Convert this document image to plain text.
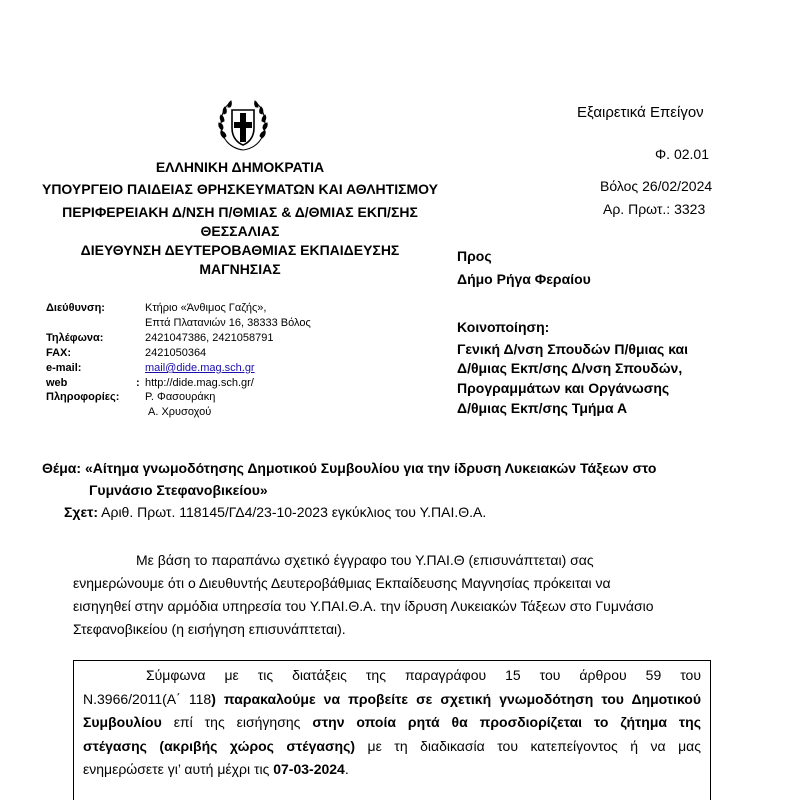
ΕΛΛΗΝΙΚΗ ΔΗΜΟΚΡΑΤΙΑ
ΥΠΟΥΡΓΕΙΟ ΠΑΙΔΕΙΑΣ ΘΡΗΣΚΕΥΜΑΤΩΝ ΚΑΙ ΑΘΛΗΤΙΣΜΟΥ
ΠΕΡΙΦΕΡΕΙΑΚΗ Δ/ΝΣΗ Π/ΘΜΙΑΣ & Δ/ΘΜΙΑΣ ΕΚΠ/ΣΗΣ
ΘΕΣΣΑΛΙΑΣ
ΔΙΕΥΘΥΝΣΗ ΔΕΥΤΕΡΟΒΑΘΜΙΑΣ ΕΚΠΑΙΔΕΥΣΗΣ
ΜΑΓΝΗΣΙΑΣ
Εξαιρετικά Επείγον
Φ. 02.01
Βόλος 26/02/2024
Αρ. Πρωτ.: 3323
Προς
Δήμο Ρήγα Φεραίου
Κοινοποίηση:
Γενική Δ/νση Σπουδών Π/θμιας και
Δ/θμιας Εκπ/σης Δ/νση Σπουδών,
Προγραμμάτων και Οργάνωσης
Δ/θμιας Εκπ/σης Τμήμα Α
Διεύθυνση:	Κτήριο «Άνθιμος Γαζής»,
Επτά Πλατανιών 16, 38333 Βόλος
Τηλέφωνα:	2421047386, 2421058791
FAX:	2421050364
e-mail:	mail@dide.mag.sch.gr
web	: http://dide.mag.sch.gr/
Πληροφορίες: Ρ. Φασουράκη
Α. Χρυσοχού
Θέμα: «Αίτημα γνωμοδότησης Δημοτικού Συμβουλίου για την ίδρυση Λυκειακών Τάξεων στο
Γυμνάσιο Στεφανοβικείου»
Σχετ: Αριθ. Πρωτ. 118145/ΓΔ4/23-10-2023 εγκύκλιος του Υ.ΠΑΙ.Θ.Α.
Με βάση το παραπάνω σχετικό έγγραφο του Υ.ΠΑΙ.Θ (επισυνάπτεται) σας
ενημερώνουμε ότι ο Διευθυντής Δευτεροβάθμιας Εκπαίδευσης Μαγνησίας πρόκειται να
εισηγηθεί στην αρμόδια υπηρεσία του Υ.ΠΑΙ.Θ.Α. την ίδρυση Λυκειακών Τάξεων στο Γυμνάσιο
Στεφανοβικείου (η εισήγηση επισυνάπτεται).
Σύμφωνα με τις διατάξεις της παραγράφου 15 του άρθρου 59 του
Ν.3966/2011(Α΄ 118) παρακαλούμε να προβείτε σε σχετική γνωμοδότηση του Δημοτικού
Συμβουλίου επί της εισήγησης στην οποία ρητά θα προσδιορίζεται το ζήτημα της
στέγασης (ακριβής χώρος στέγασης) με τη διαδικασία του κατεπείγοντος ή να μας
ενημερώσετε γι’ αυτή μέχρι τις 07-03-2024.
